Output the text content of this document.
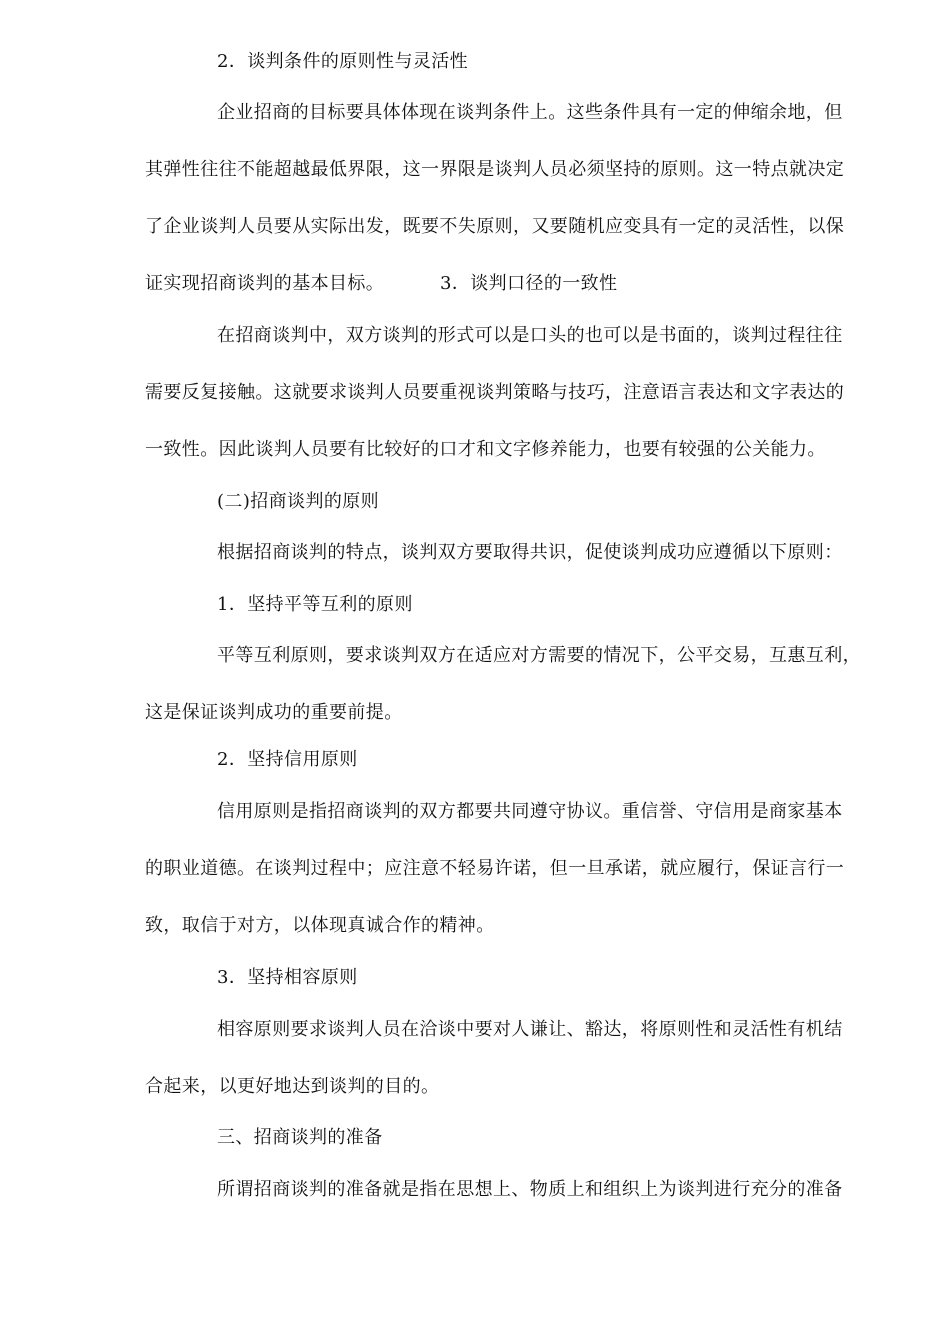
2．谈判条件的原则性与灵活性
企业招商的目标要具体体现在谈判条件上。这些条件具有一定的伸缩余地，但
其弹性往往不能超越最低界限，这一界限是谈判人员必须坚持的原则。这一特点就决定
了企业谈判人员要从实际出发，既要不失原则，又要随机应变具有一定的灵活性，以保
证实现招商谈判的基本目标。	3．谈判口径的一致性
在招商谈判中，双方谈判的形式可以是口头的也可以是书面的，谈判过程往往
需要反复接触。这就要求谈判人员要重视谈判策略与技巧，注意语言表达和文字表达的
一致性。因此谈判人员要有比较好的口才和文字修养能力，也要有较强的公关能力。
(二)招商谈判的原则
根据招商谈判的特点，谈判双方要取得共识，促使谈判成功应遵循以下原则：
1．坚持平等互利的原则
平等互利原则，要求谈判双方在适应对方需要的情况下，公平交易，互惠互利，
这是保证谈判成功的重要前提。
2．坚持信用原则
信用原则是指招商谈判的双方都要共同遵守协议。重信誉、守信用是商家基本
的职业道德。在谈判过程中；应注意不轻易许诺，但一旦承诺，就应履行，保证言行一
致，取信于对方，以体现真诚合作的精神。
3．坚持相容原则
相容原则要求谈判人员在洽谈中要对人谦让、豁达，将原则性和灵活性有机结
合起来，以更好地达到谈判的目的。
三、招商谈判的准备
所谓招商谈判的准备就是指在思想上、物质上和组织上为谈判进行充分的准备
